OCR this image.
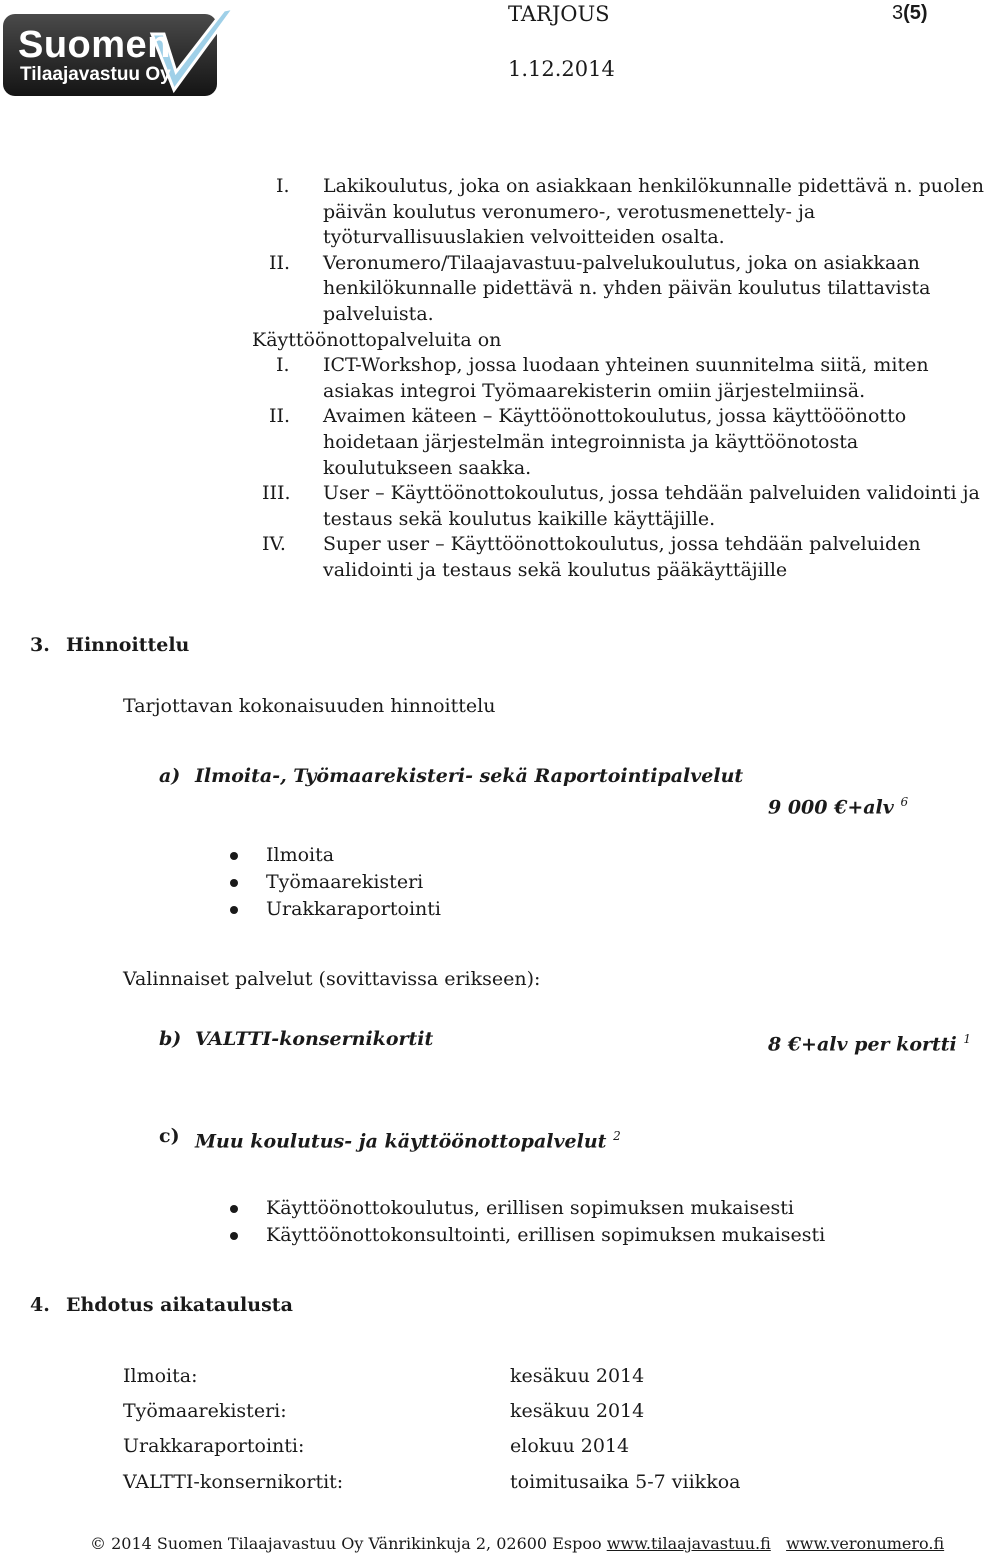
Suomen
Tilaajavastuu Oy
TARJOUS	3(5)
1.12.2014
I. Lakikoulutus, joka on asiakkaan henkilökunnalle pidettävä n. puolen
päivän koulutus veronumero-, verotusmenettely- ja
työturvallisuuslakien velvoitteiden osalta.
II. Veronumero/Tilaajavastuu-palvelukoulutus, joka on asiakkaan
henkilökunnalle pidettävä n. yhden päivän koulutus tilattavista
palveluista.
Käyttöönottopalveluita on
I. ICT-Workshop, jossa luodaan yhteinen suunnitelma siitä, miten
asiakas integroi Työmaarekisterin omiin järjestelmiinsä.
II. Avaimen käteen – Käyttöönottokoulutus, jossa käyttööönotto
hoidetaan järjestelmän integroinnista ja käyttöönotosta
koulutukseen saakka.
III. User – Käyttöönottokoulutus, jossa tehdään palveluiden validointi ja
testaus sekä koulutus kaikille käyttäjille.
IV. Super user – Käyttöönottokoulutus, jossa tehdään palveluiden
validointi ja testaus sekä koulutus pääkäyttäjille
3. Hinnoittelu
Tarjottavan kokonaisuuden hinnoittelu
a) Ilmoita-, Työmaarekisteri- sekä Raportointipalvelut
9 000 €+alv $^6$
Ilmoita
Työmaarekisteri
Urakkaraportointi
Valinnaiset palvelut (sovittavissa erikseen):
b) VALTTI-konsernikortit	8 €+alv per kortti $^1$
c) Muu koulutus- ja käyttöönottopalvelut $^2$
Käyttöönottokoulutus, erillisen sopimuksen mukaisesti
Käyttöönottokonsultointi, erillisen sopimuksen mukaisesti
4. Ehdotus aikataulusta
Ilmoita:	kesäkuu 2014
Työmaarekisteri:	kesäkuu 2014
Urakkaraportointi:	elokuu 2014
VALTTI-konsernikortit:	toimitusaika 5-7 viikkoa
© 2014 Suomen Tilaajavastuu Oy Vänrikinkuja 2, 02600 Espoo www.tilaajavastuu.fi www.veronumero.fi
